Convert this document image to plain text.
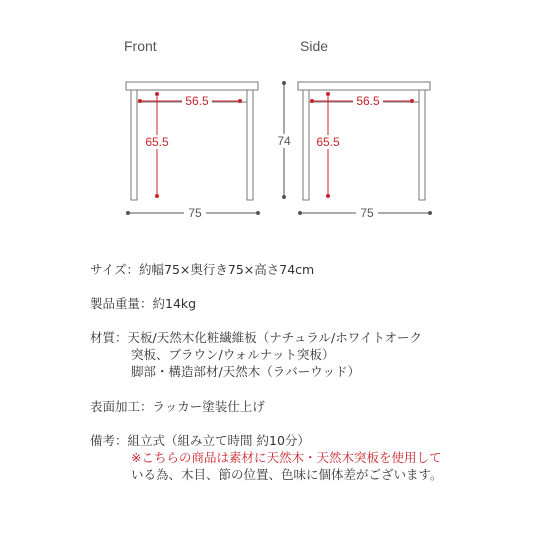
Front	Side
56.5
65.5
75
74
56.5
65.5
75
サイズ： 約幅75×奥行き75×高さ74cm
製品重量： 約14kg
材質： 天板/天然木化粧繊維板（ナチュラル/ホワイトオーク
突板、ブラウン/ウォルナット突板）
脚部・構造部材/天然木（ラバーウッド）
表面加工： ラッカー塗装仕上げ
備考： 組立式（組み立て時間 約10分）
※こちらの商品は素材に天然木・天然木突板を使用して
いる為、木目、節の位置、色味に個体差がございます。
